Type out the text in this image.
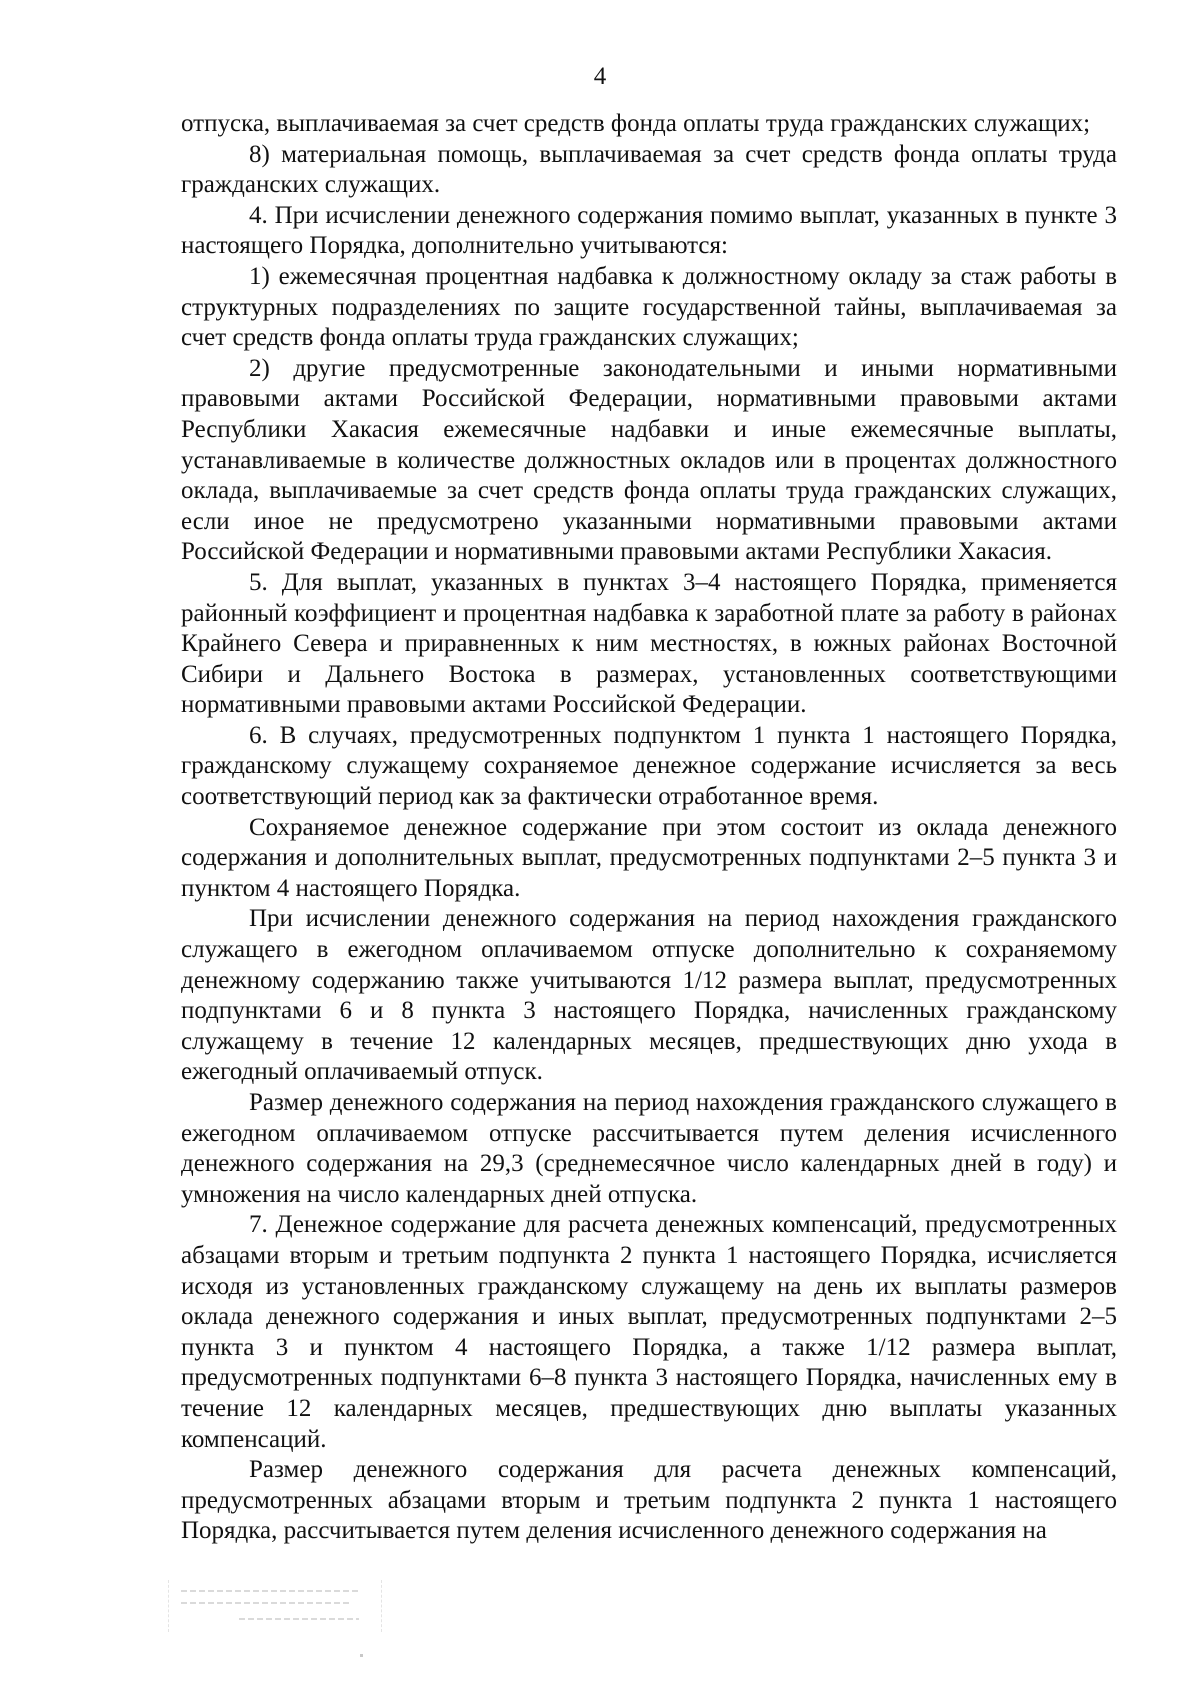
4

отпуска, выплачиваемая за счет средств фонда оплаты труда гражданских служащих;

8) материальная помощь, выплачиваемая за счет средств фонда оплаты труда гражданских служащих.

4. При исчислении денежного содержания помимо выплат, указанных в пункте 3 настоящего Порядка, дополнительно учитываются:

1) ежемесячная процентная надбавка к должностному окладу за стаж работы в структурных подразделениях по защите государственной тайны, выплачиваемая за счет средств фонда оплаты труда гражданских служащих;

2) другие предусмотренные законодательными и иными нормативными правовыми актами Российской Федерации, нормативными правовыми актами Республики Хакасия ежемесячные надбавки и иные ежемесячные выплаты, устанавливаемые в количестве должностных окладов или в процентах должностного оклада, выплачиваемые за счет средств фонда оплаты труда гражданских служащих, если иное не предусмотрено указанными нормативными правовыми актами Российской Федерации и нормативными правовыми актами Республики Хакасия.

5. Для выплат, указанных в пунктах 3–4 настоящего Порядка, применяется районный коэффициент и процентная надбавка к заработной плате за работу в районах Крайнего Севера и приравненных к ним местностях, в южных районах Восточной Сибири и Дальнего Востока в размерах, установленных соответствующими нормативными правовыми актами Российской Федерации.

6. В случаях, предусмотренных подпунктом 1 пункта 1 настоящего Порядка, гражданскому служащему сохраняемое денежное содержание исчисляется за весь соответствующий период как за фактически отработанное время.

Сохраняемое денежное содержание при этом состоит из оклада денежного содержания и дополнительных выплат, предусмотренных подпунктами 2–5 пункта 3 и пунктом 4 настоящего Порядка.

При исчислении денежного содержания на период нахождения гражданского служащего в ежегодном оплачиваемом отпуске дополнительно к сохраняемому денежному содержанию также учитываются 1/12 размера выплат, предусмотренных подпунктами 6 и 8 пункта 3 настоящего Порядка, начисленных гражданскому служащему в течение 12 календарных месяцев, предшествующих дню ухода в ежегодный оплачиваемый отпуск.

Размер денежного содержания на период нахождения гражданского служащего в ежегодном оплачиваемом отпуске рассчитывается путем деления исчисленного денежного содержания на 29,3 (среднемесячное число календарных дней в году) и умножения на число календарных дней отпуска.

7. Денежное содержание для расчета денежных компенсаций, предусмотренных абзацами вторым и третьим подпункта 2 пункта 1 настоящего Порядка, исчисляется исходя из установленных гражданскому служащему на день их выплаты размеров оклада денежного содержания и иных выплат, предусмотренных подпунктами 2–5 пункта 3 и пунктом 4 настоящего Порядка, а также 1/12 размера выплат, предусмотренных подпунктами 6–8 пункта 3 настоящего Порядка, начисленных ему в течение 12 календарных месяцев, предшествующих дню выплаты указанных компенсаций.

Размер денежного содержания для расчета денежных компенсаций, предусмотренных абзацами вторым и третьим подпункта 2 пункта 1 настоящего Порядка, рассчитывается путем деления исчисленного денежного содержания на
